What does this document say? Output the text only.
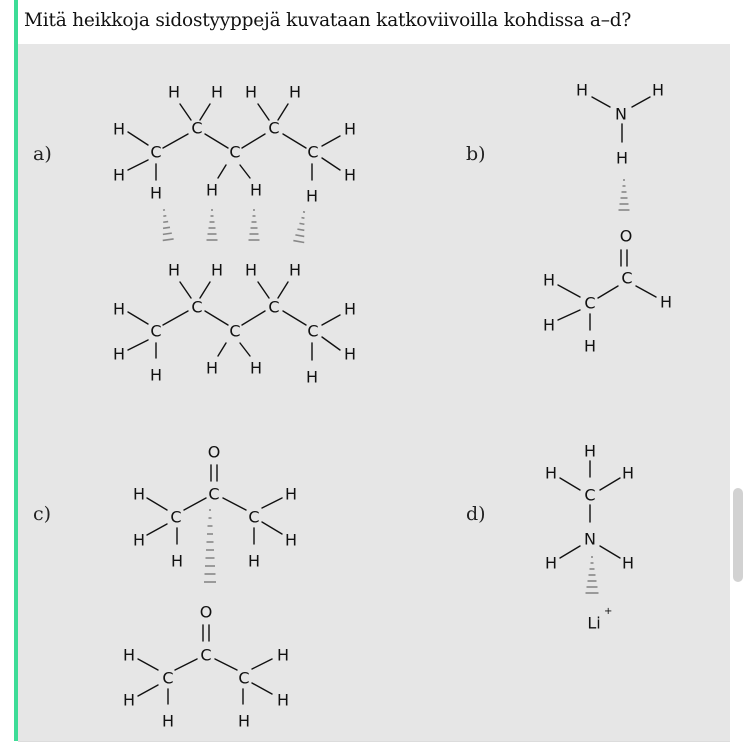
Mitä heikkoja sidostyyppejä kuvataan katkoviivoilla kohdissa a–d?
a)	b)
c)	d)
C
C
C
C
C
H
H
H
H H
H H
H H
H
H
H
C
C
C
C
C
H
H
H
H H
H H
H H
H
H
H
H
N
H
H
O
C
H
C
H
H
H
O
C
C	C
H
H
H
H
H
H
O
C
C	C
H
H
H
H
H
H
H
H	H
C
N
H	H
Li
+
